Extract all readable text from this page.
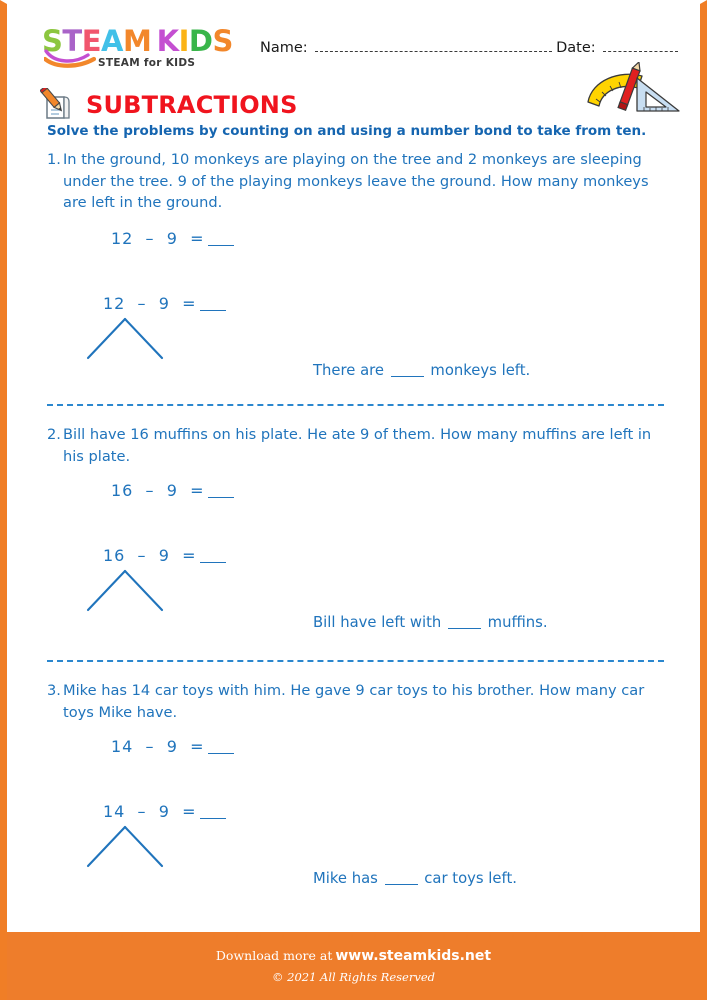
STEAM  KIDS
STEAM for KIDS
Name:	Date:
SUBTRACTIONS
Solve the problems by counting on and using a number bond to take from ten.
1. In the ground, 10 monkeys are playing on the tree and 2 monkeys are sleeping under the tree. 9 of the playing monkeys leave the ground. How many monkeys are left in the ground.
12  –  9  =
12  –  9  =
There are	monkeys left.
2. Bill have 16 muffins on his plate. He ate 9 of them. How many muffins are left in his plate.
16  –  9  =
16  –  9  =
Bill have left with	muffins.
3. Mike has 14 car toys with him. He gave 9 car toys to his brother. How many car toys Mike have.
14  –  9  =
14  –  9  =
Mike has	car toys left.
Download more at www.steamkids.net
© 2021 All Rights Reserved
